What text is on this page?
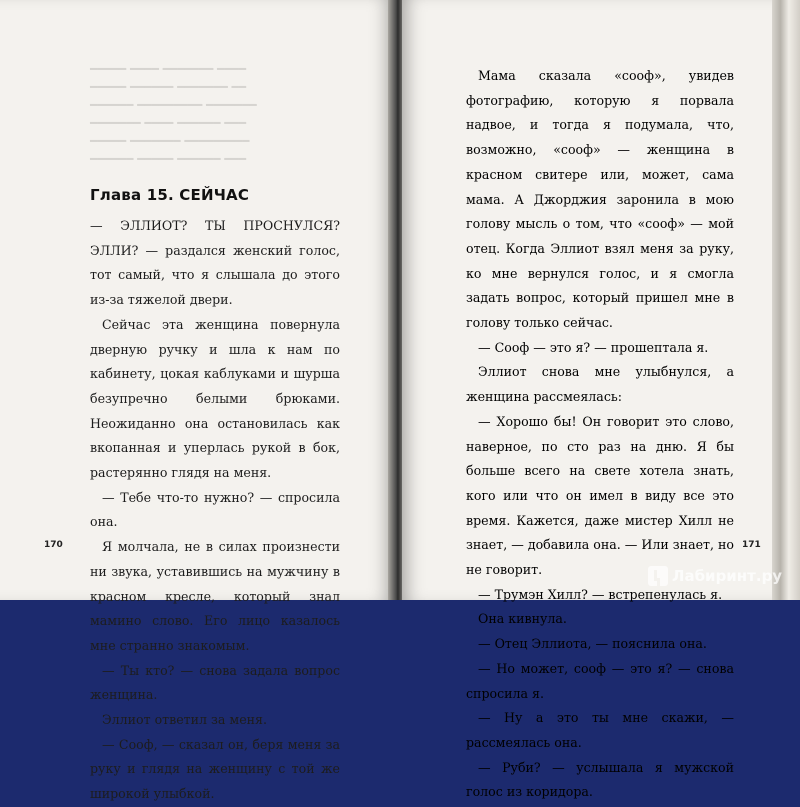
━━━━━ ━━━━ ━━━━━━━ ━━━━
━━━━━ ━━━━━━ ━━━━━━━ ━━
━━━━━━ ━━━━━━━━━ ━━━━━━━
━━━━━━━ ━━━━ ━━━━━━ ━━━
━━━━━ ━━━━━━━ ━━━━━━━━━
━━━━━━ ━━━━━ ━━━━━━ ━━━
Глава 15. СЕЙЧАС

— ЭЛЛИОТ? ТЫ ПРОСНУЛСЯ? ЭЛЛИ? — раздался женский голос, тот самый, что я слышала до этого из-за тяжелой двери.

Сейчас эта женщина повернула дверную ручку и шла к нам по кабинету, цокая каблуками и шурша безупречно белыми брюками. Неожиданно она остановилась как вкопанная и уперлась рукой в бок, растерянно глядя на меня.

— Тебе что-то нужно? — спросила она.

Я молчала, не в силах произнести ни звука, уставившись на мужчину в красном кресле, который знал мамино слово. Его лицо казалось мне странно знакомым.

— Ты кто? — снова задала вопрос женщина.

Эллиот ответил за меня.

— Сооф, — сказал он, беря меня за руку и глядя на женщину с той же широкой улыбкой.

170	171

Мама сказала «сооф», увидев фотографию, которую я порвала надвое, и тогда я подумала, что, возможно, «сооф» — женщина в красном свитере или, может, сама мама. А Джорджия заронила в мою голову мысль о том, что «сооф» — мой отец. Когда Эллиот взял меня за руку, ко мне вернулся голос, и я смогла задать вопрос, который пришел мне в голову только сейчас.

— Сооф — это я? — прошептала я.

Эллиот снова мне улыбнулся, а женщина рассмеялась:

— Хорошо бы! Он говорит это слово, наверное, по сто раз на дню. Я бы больше всего на свете хотела знать, кого или что он имел в виду все это время. Кажется, даже мистер Хилл не знает, — добавила она. — Или знает, но не говорит.

— Трумэн Хилл? — встрепенулась я.

Она кивнула.

— Отец Эллиота, — пояснила она.

— Но может, сооф — это я? — снова спросила я.

— Ну а это ты мне скажи, — рассмеялась она.

— Руби? — услышала я мужской голос из коридора.

Лабиринт.ру
